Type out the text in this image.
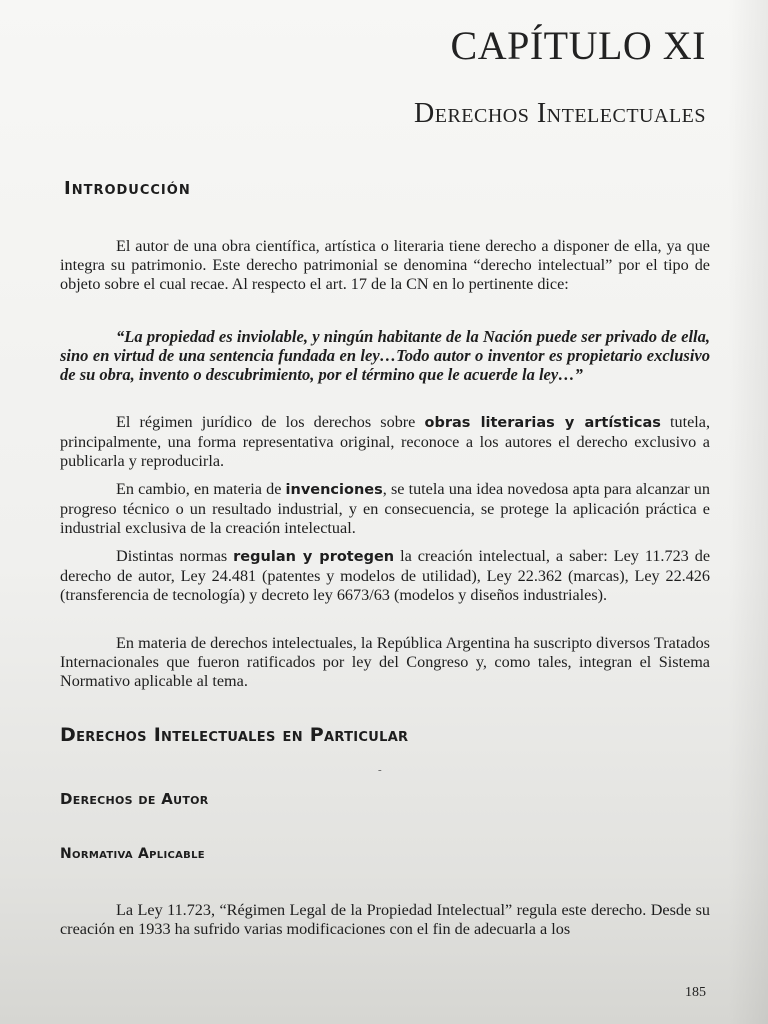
CAPÍTULO XI
Derechos Intelectuales
Introducción

El autor de una obra científica, artística o literaria tiene derecho a disponer de ella, ya que integra su patrimonio. Este derecho patrimonial se denomina “derecho intelectual” por el tipo de objeto sobre el cual recae. Al respecto el art. 17 de la CN en lo pertinente dice:

“La propiedad es inviolable, y ningún habitante de la Nación puede ser privado de ella, sino en virtud de una sentencia fundada en ley…Todo autor o inventor es propietario exclusivo de su obra, invento o descubrimiento, por el término que le acuerde la ley…”

El régimen jurídico de los derechos sobre obras literarias y artísticas tutela, principalmente, una forma representativa original, reconoce a los autores el derecho exclusivo a publicarla y reproducirla.

En cambio, en materia de invenciones, se tutela una idea novedosa apta para alcanzar un progreso técnico o un resultado industrial, y en consecuencia, se protege la aplicación práctica e industrial exclusiva de la creación intelectual.

Distintas normas regulan y protegen la creación intelectual, a saber: Ley 11.723 de derecho de autor, Ley 24.481 (patentes y modelos de utilidad), Ley 22.362 (marcas), Ley 22.426 (transferencia de tecnología) y decreto ley 6673/63 (modelos y diseños industriales).

En materia de derechos intelectuales, la República Argentina ha suscripto diversos Tratados Internacionales que fueron ratificados por ley del Congreso y, como tales, integran el Sistema Normativo aplicable al tema.

Derechos Intelectuales en Particular
-
Derechos de Autor
Normativa Aplicable

La Ley 11.723, “Régimen Legal de la Propiedad Intelectual” regula este derecho. Desde su creación en 1933 ha sufrido varias modificaciones con el fin de adecuarla a los

185
